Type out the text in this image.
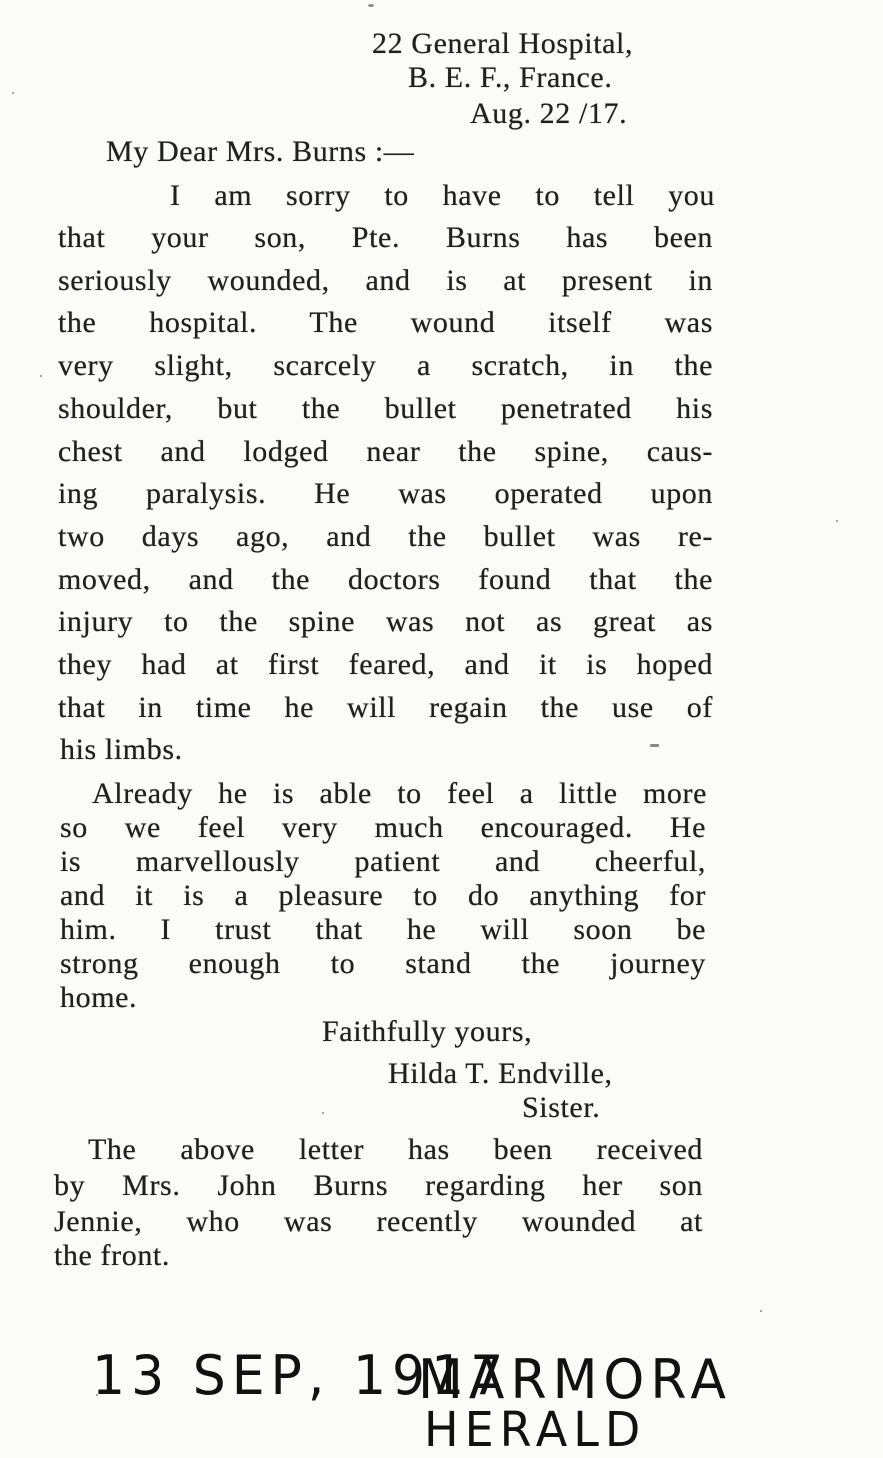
22 General Hospital,
B. E. F., France.
Aug. 22 /17.
My Dear Mrs. Burns :—
I am sorry to have to tell you
that your son, Pte. Burns has been
seriously wounded, and is at present in
the hospital. The wound itself was
very slight, scarcely a scratch, in the
shoulder, but the bullet penetrated his
chest and lodged near the spine, caus-
ing paralysis. He was operated upon
two days ago, and the bullet was re-
moved, and the doctors found that the
injury to the spine was not as great as
they had at first feared, and it is hoped
that in time he will regain the use of
his limbs.
Already he is able to feel a little more
so we feel very much encouraged. He
is marvellously patient and cheerful,
and it is a pleasure to do anything for
him. I trust that he will soon be
strong enough to stand the journey
home.
Faithfully yours,
Hilda T. Endville,
Sister.
The above letter has been received
by Mrs. John Burns regarding her son
Jennie, who was recently wounded at
the front.
13 SEP, 1917
MARMORA
HERALD
